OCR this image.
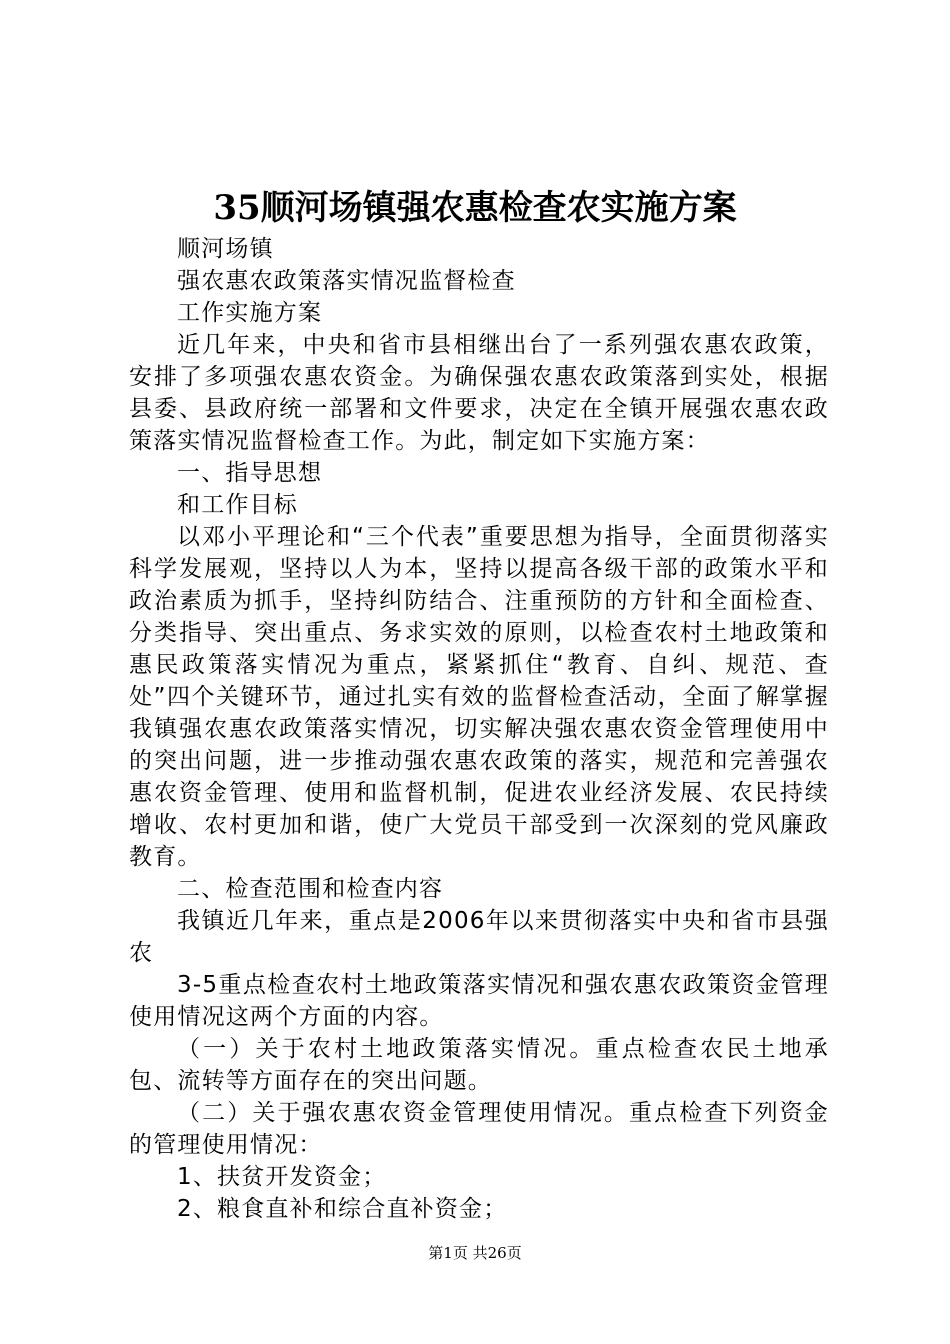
35顺河场镇强农惠检查农实施方案

顺河场镇

强农惠农政策落实情况监督检查

工作实施方案

近几年来，中央和省市县相继出台了一系列强农惠农政策，安排了多项强农惠农资金。为确保强农惠农政策落到实处，根据县委、县政府统一部署和文件要求，决定在全镇开展强农惠农政策落实情况监督检查工作。为此，制定如下实施方案：

一、指导思想

和工作目标

以邓小平理论和“三个代表”重要思想为指导，全面贯彻落实科学发展观，坚持以人为本，坚持以提高各级干部的政策水平和政治素质为抓手，坚持纠防结合、注重预防的方针和全面检查、分类指导、突出重点、务求实效的原则，以检查农村土地政策和惠民政策落实情况为重点，紧紧抓住“教育、自纠、规范、查处”四个关键环节，通过扎实有效的监督检查活动，全面了解掌握我镇强农惠农政策落实情况，切实解决强农惠农资金管理使用中的突出问题，进一步推动强农惠农政策的落实，规范和完善强农惠农资金管理、使用和监督机制，促进农业经济发展、农民持续增收、农村更加和谐，使广大党员干部受到一次深刻的党风廉政教育。

二、检查范围和检查内容

我镇近几年来，重点是2006年以来贯彻落实中央和省市县强农

3-5重点检查农村土地政策落实情况和强农惠农政策资金管理使用情况这两个方面的内容。

（一）关于农村土地政策落实情况。重点检查农民土地承包、流转等方面存在的突出问题。

（二）关于强农惠农资金管理使用情况。重点检查下列资金的管理使用情况：

1、扶贫开发资金；

2、粮食直补和综合直补资金；

第1页 共26页
